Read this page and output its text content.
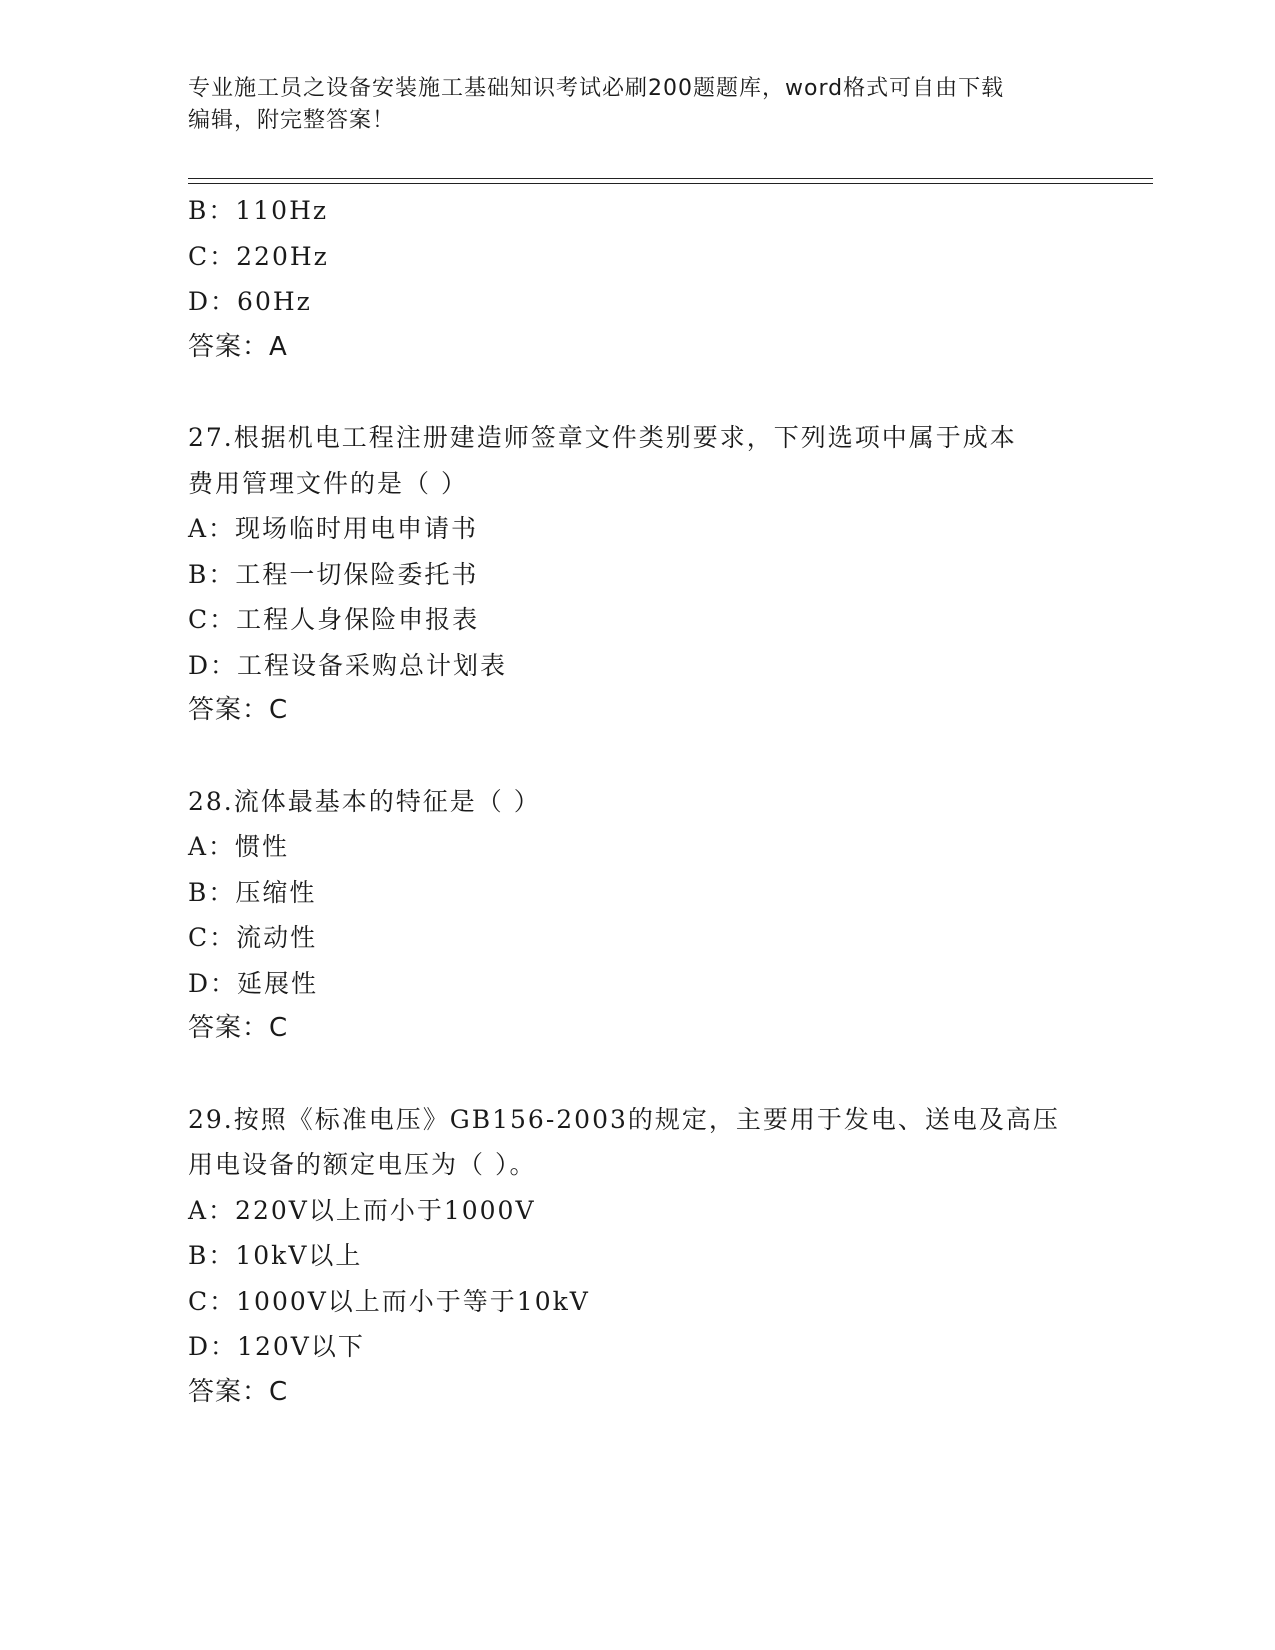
专业施工员之设备安装施工基础知识考试必刷200题题库，word格式可自由下载
编辑，附完整答案！
B：110Hz
C：220Hz
D：60Hz
答案：A
27.根据机电工程注册建造师签章文件类别要求，下列选项中属于成本
费用管理文件的是（ ）
A：现场临时用电申请书
B：工程一切保险委托书
C：工程人身保险申报表
D：工程设备采购总计划表
答案：C
28.流体最基本的特征是（ ）
A：惯性
B：压缩性
C：流动性
D：延展性
答案：C
29.按照《标准电压》GB156-2003的规定，主要用于发电、送电及高压
用电设备的额定电压为（ ）。
A：220V以上而小于1000V
B：10kV以上
C：1000V以上而小于等于10kV
D：120V以下
答案：C
